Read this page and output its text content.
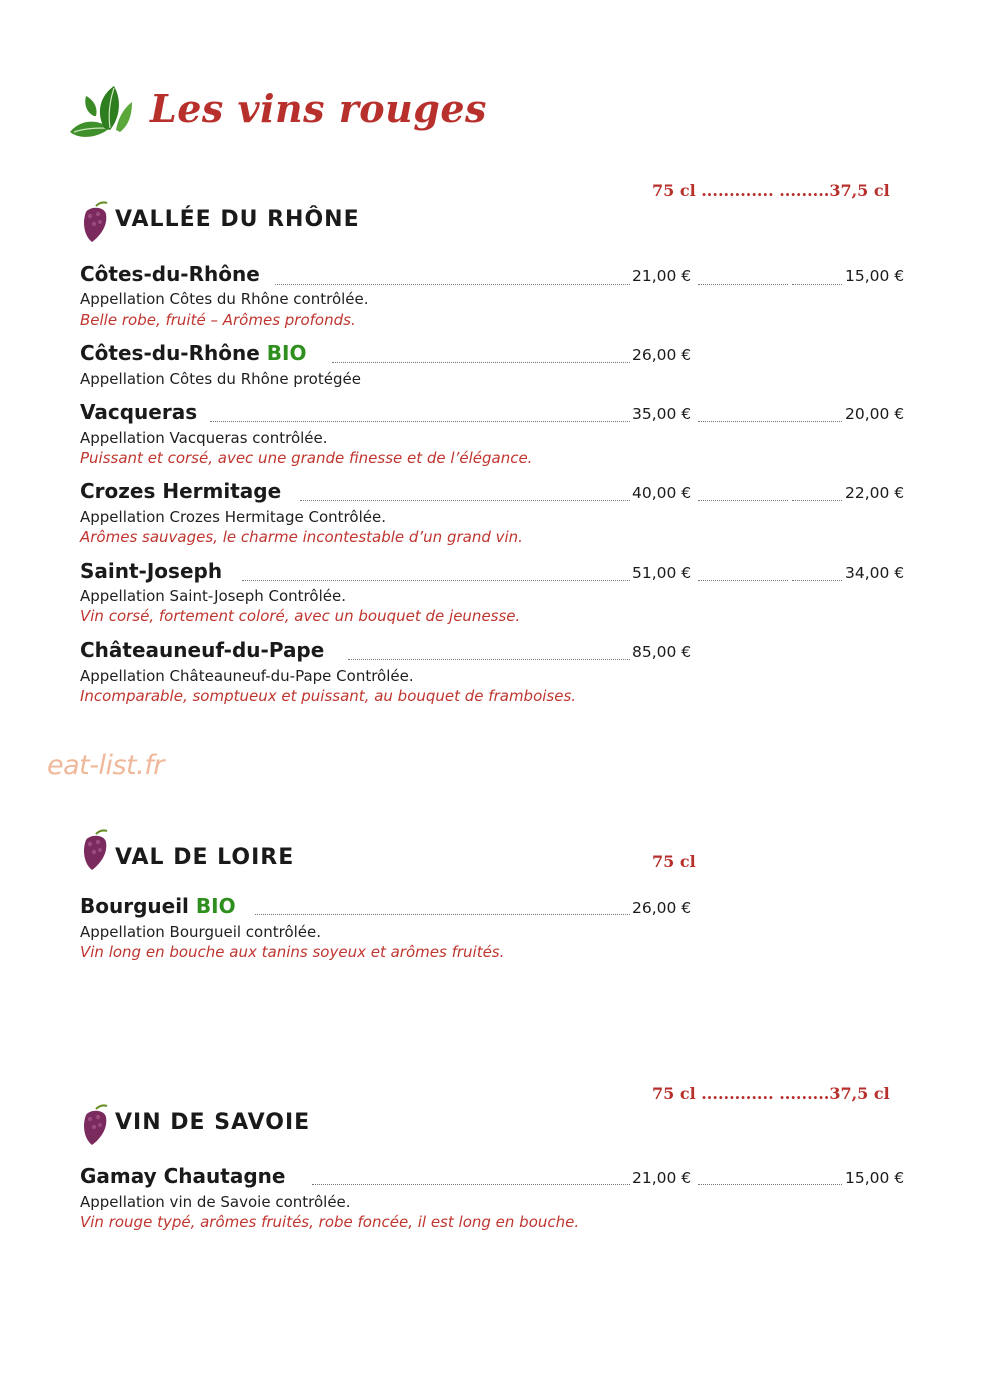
Les vins rouges
75 cl ............. .........37,5 cl
VALLÉE DU RHÔNE
Côtes-du-Rhône	21,00 €	15,00 €
Appellation Côtes du Rhône contrôlée.
Belle robe, fruité – Arômes profonds.
Côtes-du-Rhône BIO	26,00 €
Appellation Côtes du Rhône protégée
Vacqueras	35,00 €	20,00 €
Appellation Vacqueras contrôlée.
Puissant et corsé, avec une grande finesse et de l’élégance.
Crozes Hermitage	40,00 €	22,00 €
Appellation Crozes Hermitage Contrôlée.
Arômes sauvages, le charme incontestable d’un grand vin.
Saint-Joseph	51,00 €	34,00 €
Appellation Saint-Joseph Contrôlée.
Vin corsé, fortement coloré, avec un bouquet de jeunesse.
Châteauneuf-du-Pape	85,00 €
Appellation Châteauneuf-du-Pape Contrôlée.
Incomparable, somptueux et puissant, au bouquet de framboises.
eat-list.fr
VAL DE LOIRE	75 cl
Bourgueil BIO	26,00 €
Appellation Bourgueil contrôlée.
Vin long en bouche aux tanins soyeux et arômes fruités.
75 cl ............. .........37,5 cl
VIN DE SAVOIE
Gamay Chautagne	21,00 €	15,00 €
Appellation vin de Savoie contrôlée.
Vin rouge typé, arômes fruités, robe foncée, il est long en bouche.
